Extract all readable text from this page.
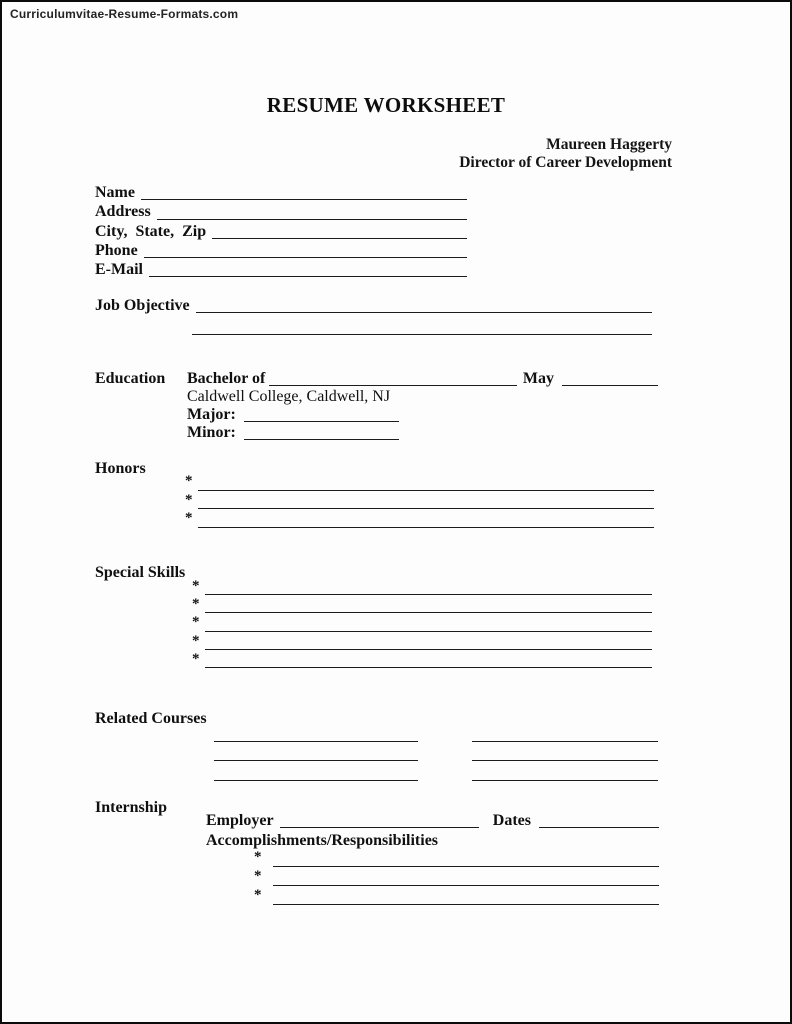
Curriculumvitae-Resume-Formats.com
RESUME WORKSHEET
Maureen Haggerty
Director of Career Development
Name
Address
City,  State,  Zip
Phone
E-Mail
Job Objective
Education Bachelor of	May
Caldwell College, Caldwell, NJ
Major:
Minor:
Honors
*
*
*
Special Skills
*
*
*
*
*
Related Courses
Internship
Employer	Dates
Accomplishments/Responsibilities
*
*
*
